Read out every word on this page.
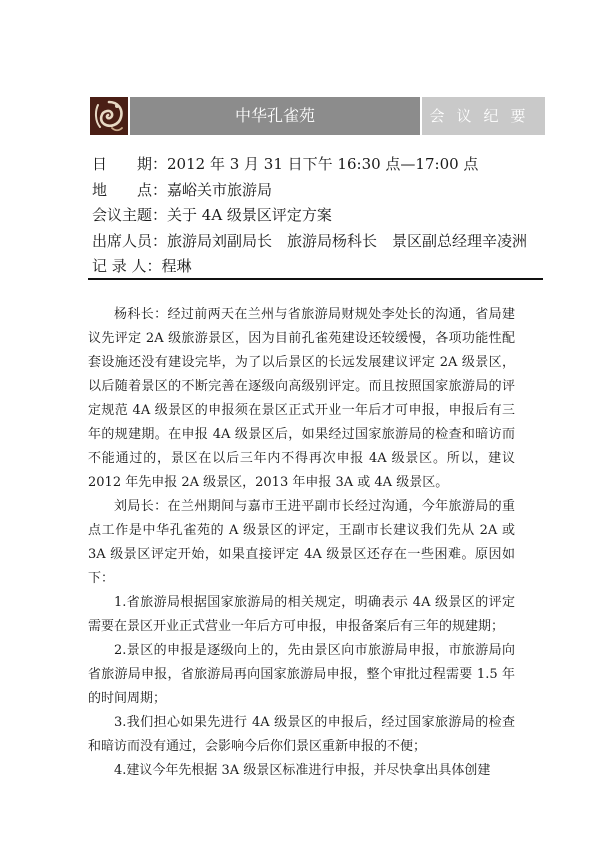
中华孔雀苑	会议纪要
日　　期：2012 年 3 月 31 日下午 16:30 点—17:00 点
地　　点：嘉峪关市旅游局
会议主题：关于 4A 级景区评定方案
出席人员：旅游局刘副局长　旅游局杨科长　景区副总经理辛凌洲
记 录 人：程琳

杨科长：经过前两天在兰州与省旅游局财规处李处长的沟通，省局建议先评定 2A 级旅游景区，因为目前孔雀苑建设还较缓慢，各项功能性配套设施还没有建设完毕，为了以后景区的长远发展建议评定 2A 级景区，以后随着景区的不断完善在逐级向高级别评定。而且按照国家旅游局的评定规范 4A 级景区的申报须在景区正式开业一年后才可申报，申报后有三年的规建期。在申报 4A 级景区后，如果经过国家旅游局的检查和暗访而不能通过的，景区在以后三年内不得再次申报 4A 级景区。所以，建议 2012 年先申报 2A 级景区，2013 年申报 3A 或 4A 级景区。

刘局长：在兰州期间与嘉市王进平副市长经过沟通，今年旅游局的重点工作是中华孔雀苑的 A 级景区的评定，王副市长建议我们先从 2A 或 3A 级景区评定开始，如果直接评定 4A 级景区还存在一些困难。原因如下：

1.省旅游局根据国家旅游局的相关规定，明确表示 4A 级景区的评定需要在景区开业正式营业一年后方可申报，申报备案后有三年的规建期；

2.景区的申报是逐级向上的，先由景区向市旅游局申报，市旅游局向省旅游局申报，省旅游局再向国家旅游局申报，整个审批过程需要 1.5 年的时间周期；

3.我们担心如果先进行 4A 级景区的申报后，经过国家旅游局的检查和暗访而没有通过，会影响今后你们景区重新申报的不便；

4.建议今年先根据 3A 级景区标准进行申报，并尽快拿出具体创建
